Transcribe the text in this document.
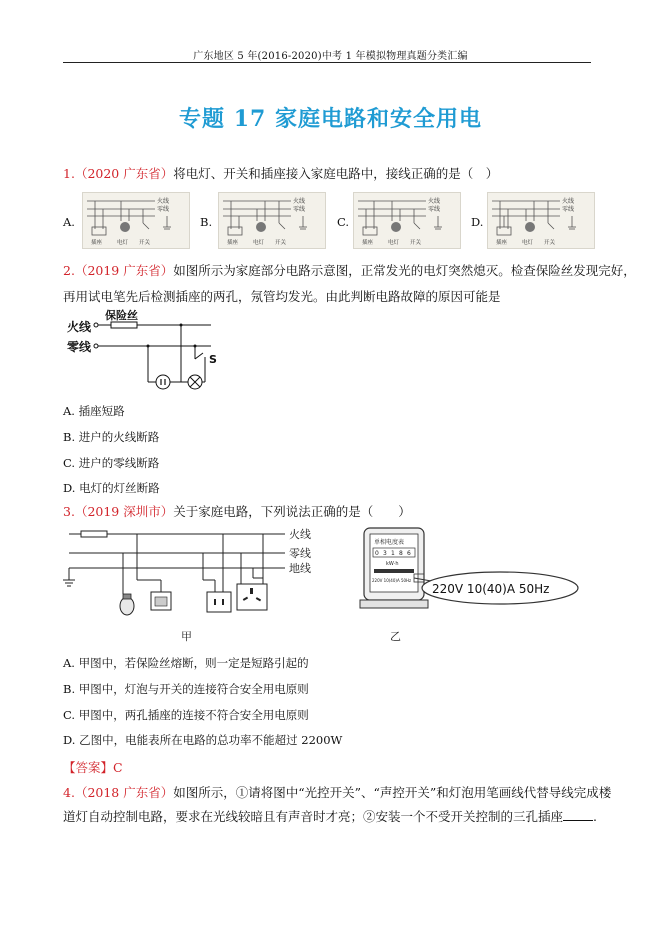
广东地区 5 年(2016-2020)中考 1 年模拟物理真题分类汇编
专题 17 家庭电路和安全用电
1.（2020 广东省）将电灯、开关和插座接入家庭电路中，接线正确的是（　）
A.	B.	C.	D.
火线
零线
插座	电灯 开关
火线
零线
插座	电灯 开关
火线
零线
插座	电灯 开关
火线
零线
插座	电灯 开关
2.（2019 广东省）如图所示为家庭部分电路示意图，正常发光的电灯突然熄灭。检查保险丝发现完好，
再用试电笔先后检测插座的两孔，氖管均发光。由此判断电路故障的原因可能是
火线
保险丝
零线
S
A. 插座短路
B. 进户的火线断路
C. 进户的零线断路
D. 电灯的灯丝断路
3.（2019 深圳市）关于家庭电路，下列说法正确的是（　　）
火线
零线
地线
甲
单相电度表
0 3 1 8 6
kW·h
220V 10(40)A 50Hz
220V 10(40)A 50Hz
乙
A. 甲图中，若保险丝熔断，则一定是短路引起的
B. 甲图中，灯泡与开关的连接符合安全用电原则
C. 甲图中，两孔插座的连接不符合安全用电原则
D. 乙图中，电能表所在电路的总功率不能超过 2200W
【答案】C
4.（2018 广东省）如图所示，①请将图中“光控开关”、“声控开关”和灯泡用笔画线代替导线完成楼
道灯自动控制电路，要求在光线较暗且有声音时才亮；②安装一个不受开关控制的三孔插座 .
